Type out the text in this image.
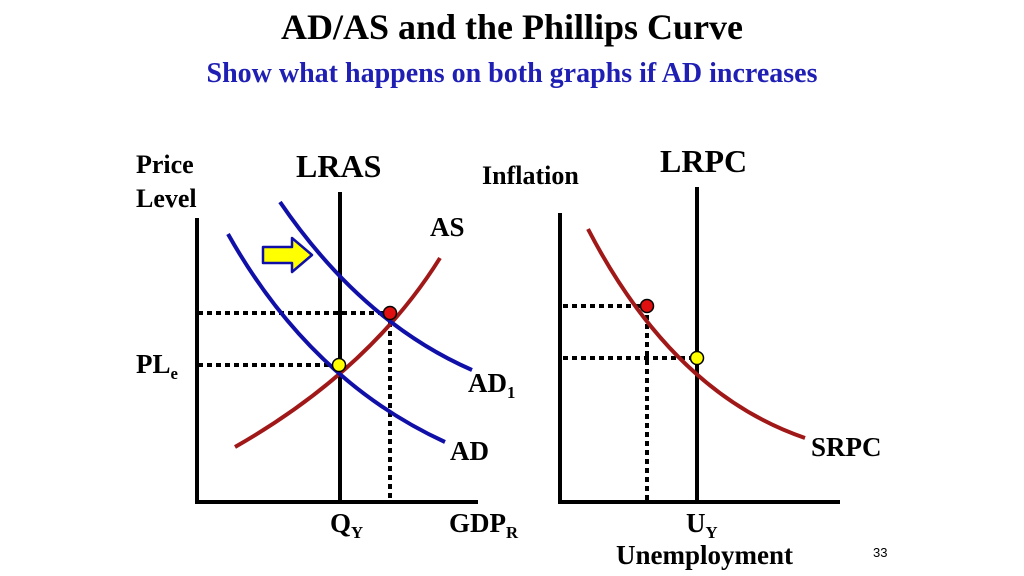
AD/AS and the Phillips Curve
Show what happens on both graphs if AD increases
Price
Level
LRAS
AS
$AD_1$
AD
$PL_e$
$Q_Y$	$GDP_R$
Inflation	LRPC
SRPC
$U_Y$
Unemployment	33
